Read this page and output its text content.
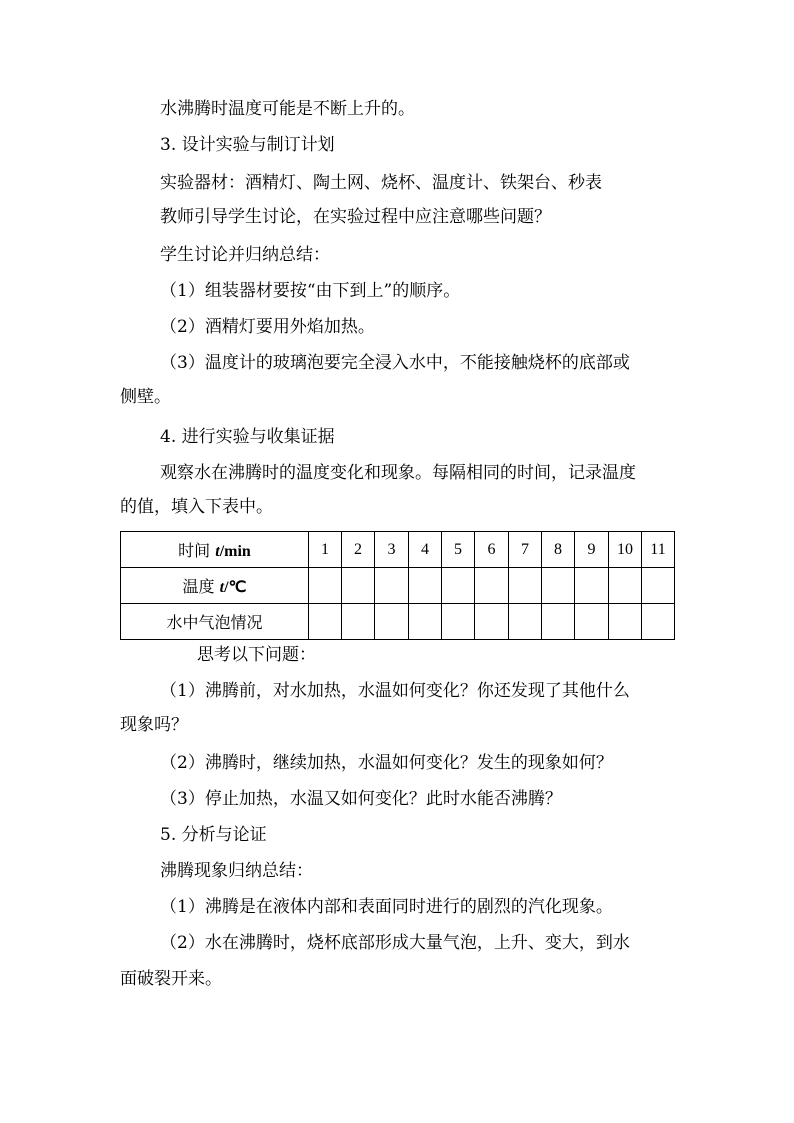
水沸腾时温度可能是不断上升的。

3. 设计实验与制订计划

实验器材：酒精灯、陶土网、烧杯、温度计、铁架台、秒表

教师引导学生讨论，在实验过程中应注意哪些问题？

学生讨论并归纳总结：

（1）组装器材要按“由下到上”的顺序。

（2）酒精灯要用外焰加热。

（3）温度计的玻璃泡要完全浸入水中，不能接触烧杯的底部或

侧壁。

4. 进行实验与收集证据

观察水在沸腾时的温度变化和现象。每隔相同的时间，记录温度

的值，填入下表中。

时间 t/min	1	2	3	4	5	6	7	8	9	10	11
温度 t/℃											
水中气泡情况											

思考以下问题：

（1）沸腾前，对水加热，水温如何变化？你还发现了其他什么

现象吗？

（2）沸腾时，继续加热，水温如何变化？发生的现象如何？

（3）停止加热，水温又如何变化？此时水能否沸腾？

5. 分析与论证

沸腾现象归纳总结：

（1）沸腾是在液体内部和表面同时进行的剧烈的汽化现象。

（2）水在沸腾时，烧杯底部形成大量气泡，上升、变大，到水

面破裂开来。
